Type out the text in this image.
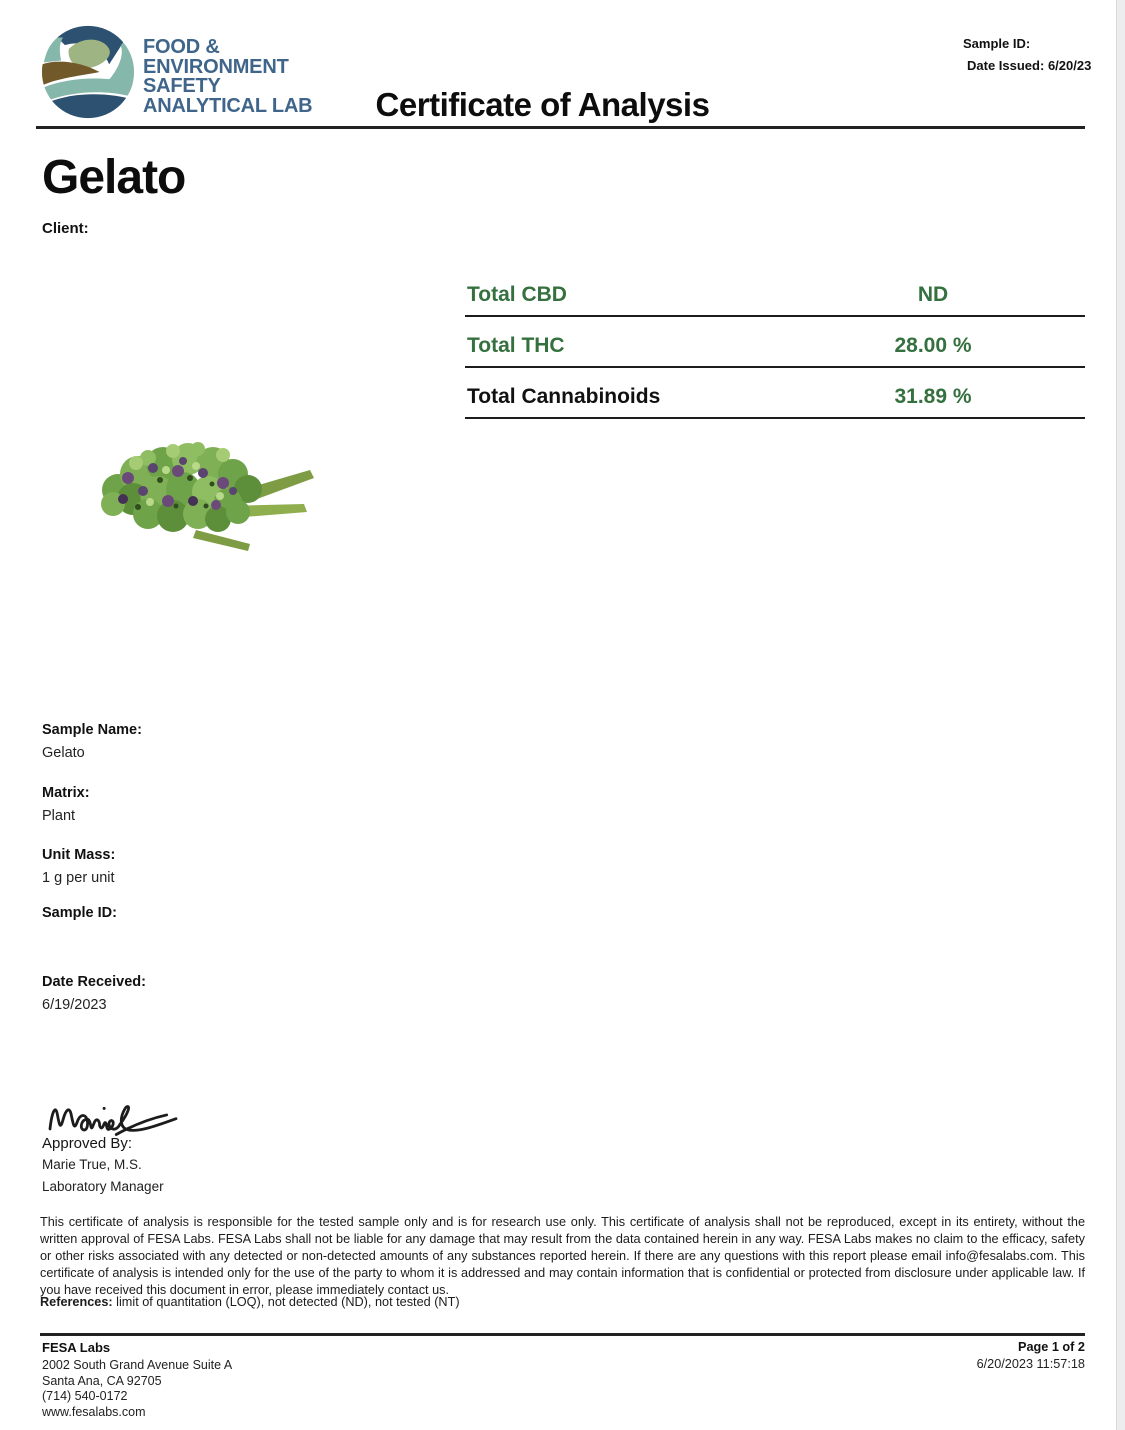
FOOD &
ENVIRONMENT
SAFETY
ANALYTICAL LAB	Certificate of Analysis
Sample ID:
Date Issued: 6/20/23
Gelato
Client:
Total CBD	ND
Total THC	28.00 %
Total Cannabinoids	31.89 %
Sample Name:
Gelato
Matrix:
Plant
Unit Mass:
1 g per unit
Sample ID:
Date Received:
6/19/2023
Approved By:
Marie True, M.S.
Laboratory Manager
This certificate of analysis is responsible for the tested sample only and is for research use only. This certificate of analysis shall not be reproduced, except in its entirety, without the written approval of FESA Labs. FESA Labs shall not be liable for any damage that may result from the data contained herein in any way. FESA Labs makes no claim to the efficacy, safety or other risks associated with any detected or non-detected amounts of any substances reported herein. If there are any questions with this report please email info@fesalabs.com. This certificate of analysis is intended only for the use of the party to whom it is addressed and may contain information that is confidential or protected from disclosure under applicable law. If you have received this document in error, please immediately contact us.
References: limit of quantitation (LOQ), not detected (ND), not tested (NT)
FESA Labs
2002 South Grand Avenue Suite A
Santa Ana, CA 92705
(714) 540-0172
www.fesalabs.com
Page 1 of 2
6/20/2023 11:57:18
